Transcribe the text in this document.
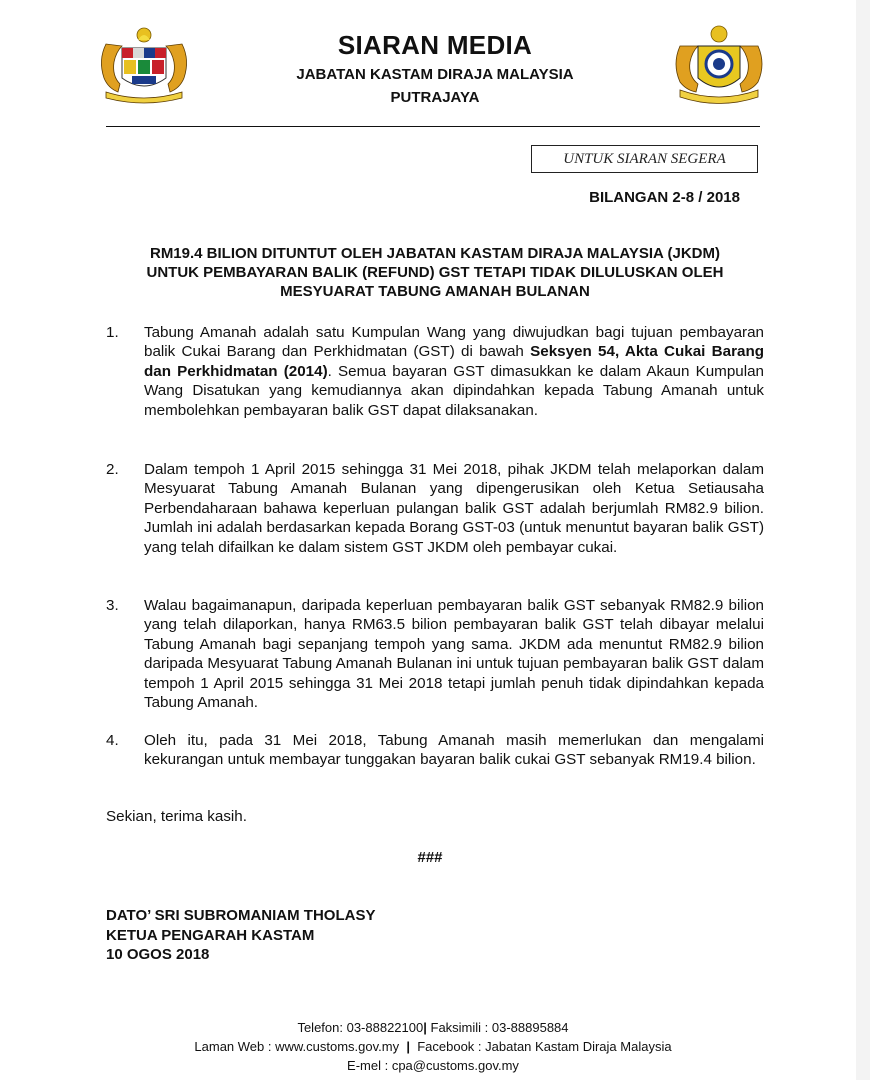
SIARAN MEDIA
JABATAN KASTAM DIRAJA MALAYSIA
PUTRAJAYA
UNTUK SIARAN SEGERA
BILANGAN 2-8 / 2018
RM19.4 BILION DITUNTUT OLEH JABATAN KASTAM DIRAJA MALAYSIA (JKDM)
UNTUK PEMBAYARAN BALIK (REFUND) GST TETAPI TIDAK DILULUSKAN OLEH
MESYUARAT TABUNG AMANAH BULANAN
1. Tabung Amanah adalah satu Kumpulan Wang yang diwujudkan bagi tujuan pembayaran balik Cukai Barang dan Perkhidmatan (GST) di bawah Seksyen 54, Akta Cukai Barang dan Perkhidmatan (2014). Semua bayaran GST dimasukkan ke dalam Akaun Kumpulan Wang Disatukan yang kemudiannya akan dipindahkan kepada Tabung Amanah untuk membolehkan pembayaran balik GST dapat dilaksanakan.
2. Dalam tempoh 1 April 2015 sehingga 31 Mei 2018, pihak JKDM telah melaporkan dalam Mesyuarat Tabung Amanah Bulanan yang dipengerusikan oleh Ketua Setiausaha Perbendaharaan bahawa keperluan pulangan balik GST adalah berjumlah RM82.9 bilion. Jumlah ini adalah berdasarkan kepada Borang GST-03 (untuk menuntut bayaran balik GST) yang telah difailkan ke dalam sistem GST JKDM oleh pembayar cukai.
3. Walau bagaimanapun, daripada keperluan pembayaran balik GST sebanyak RM82.9 bilion yang telah dilaporkan, hanya RM63.5 bilion pembayaran balik GST telah dibayar melalui Tabung Amanah bagi sepanjang tempoh yang sama. JKDM ada menuntut RM82.9 bilion daripada Mesyuarat Tabung Amanah Bulanan ini untuk tujuan pembayaran balik GST dalam tempoh 1 April 2015 sehingga 31 Mei 2018 tetapi jumlah penuh tidak dipindahkan kepada Tabung Amanah.
4. Oleh itu, pada 31 Mei 2018, Tabung Amanah masih memerlukan dan mengalami kekurangan untuk membayar tunggakan bayaran balik cukai GST sebanyak RM19.4 bilion.
Sekian, terima kasih.
###
DATO’ SRI SUBROMANIAM THOLASY
KETUA PENGARAH KASTAM
10 OGOS 2018
Telefon: 03-88822100| Faksimili : 03-88895884
Laman Web : www.customs.gov.my | Facebook : Jabatan Kastam Diraja Malaysia
E-mel : cpa@customs.gov.my
